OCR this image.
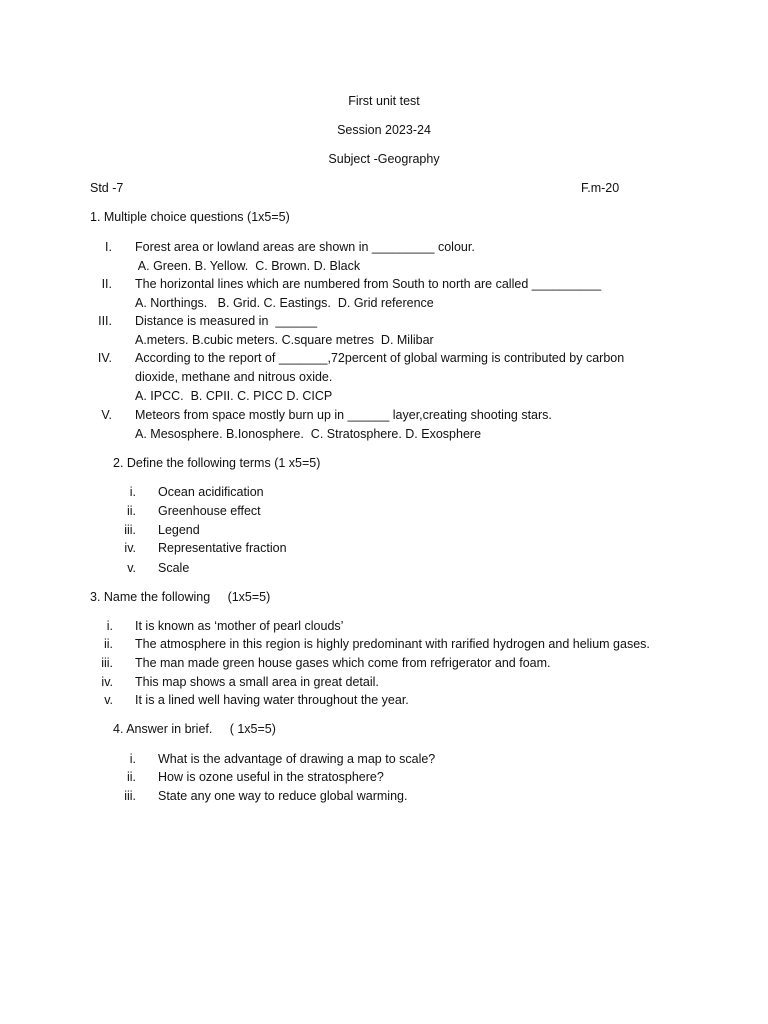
First unit test
Session 2023-24
Subject -Geography
Std -7	F.m-20
1. Multiple choice questions (1x5=5)
I. Forest area or lowland areas are shown in _________ colour.
A. Green. B. Yellow.  C. Brown. D. Black
II. The horizontal lines which are numbered from South to north are called __________
A. Northings.   B. Grid. C. Eastings.  D. Grid reference
III. Distance is measured in  ______
A.meters. B.cubic meters. C.square metres  D. Milibar
IV. According to the report of _______,72percent of global warming is contributed by carbon
dioxide, methane and nitrous oxide.
A. IPCC.  B. CPII. C. PICC D. CICP
V. Meteors from space mostly burn up in ______ layer,creating shooting stars.
A. Mesosphere. B.Ionosphere.  C. Stratosphere. D. Exosphere
2. Define the following terms (1 x5=5)
i. Ocean acidification
ii. Greenhouse effect
iii. Legend
iv. Representative fraction
v. Scale
3. Name the following     (1x5=5)
i. It is known as ‘mother of pearl clouds’
ii. The atmosphere in this region is highly predominant with rarified hydrogen and helium gases.
iii. The man made green house gases which come from refrigerator and foam.
iv. This map shows a small area in great detail.
v. It is a lined well having water throughout the year.
4. Answer in brief.     ( 1x5=5)
i. What is the advantage of drawing a map to scale?
ii. How is ozone useful in the stratosphere?
iii. State any one way to reduce global warming.
